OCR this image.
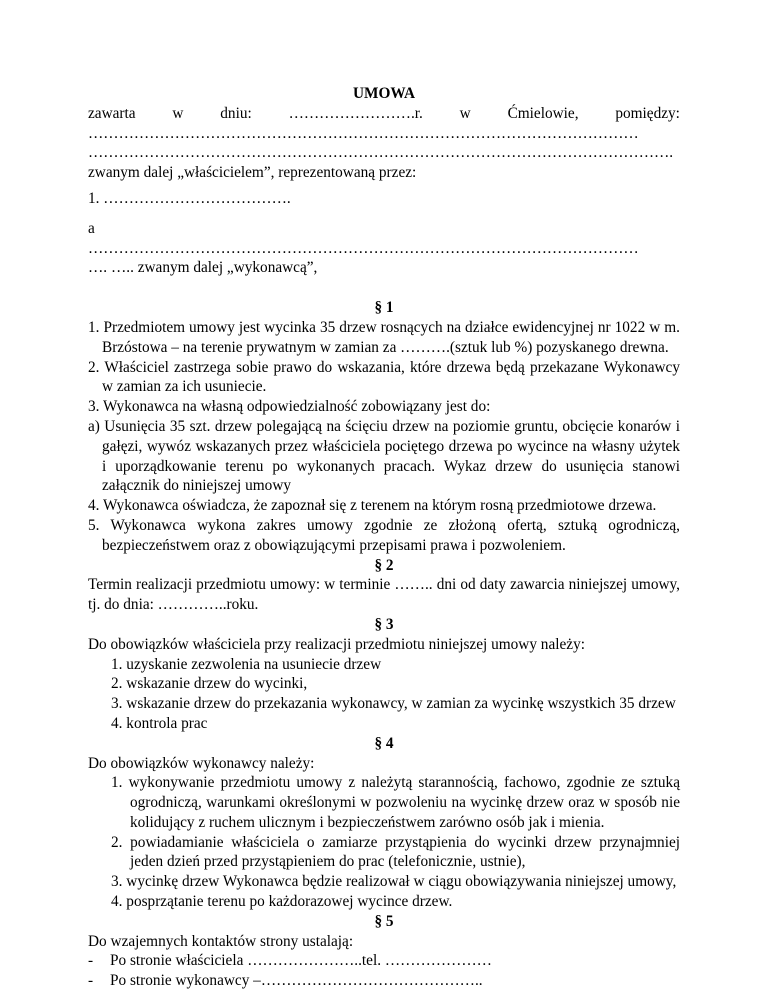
UMOWA
zawarta w dniu: …………………….r. w Ćmielowie, pomiędzy:
………………………………………………………………………………………………
…………………………………………………………………………………………………….
zwanym dalej „właścicielem”, reprezentowaną przez:
1. ……………………………….
a
………………………………………………………………………………………………
…. ….. zwanym dalej „wykonawcą”,
§ 1
1. Przedmiotem umowy jest wycinka 35 drzew rosnących na działce ewidencyjnej nr 1022 w m. Brzóstowa – na terenie prywatnym w zamian za ……….(sztuk lub %) pozyskanego drewna.
2. Właściciel zastrzega sobie prawo do wskazania, które drzewa będą przekazane Wykonawcy w zamian za ich usuniecie.
3. Wykonawca na własną odpowiedzialność zobowiązany jest do:
a) Usunięcia 35 szt. drzew polegającą na ścięciu drzew na poziomie gruntu, obcięcie konarów i gałęzi, wywóz wskazanych przez właściciela pociętego drzewa po wycince na własny użytek i uporządkowanie terenu po wykonanych pracach. Wykaz drzew do usunięcia stanowi załącznik do niniejszej umowy
4. Wykonawca oświadcza, że zapoznał się z terenem na którym rosną przedmiotowe drzewa.
5. Wykonawca wykona zakres umowy zgodnie ze złożoną ofertą, sztuką ogrodniczą, bezpieczeństwem oraz z obowiązującymi przepisami prawa i pozwoleniem.
§ 2
Termin realizacji przedmiotu umowy: w terminie …….. dni od daty zawarcia niniejszej umowy, tj. do dnia: …………..roku.
§ 3
Do obowiązków właściciela przy realizacji przedmiotu niniejszej umowy należy:
1. uzyskanie zezwolenia na usuniecie drzew
2. wskazanie drzew do wycinki,
3. wskazanie drzew do przekazania wykonawcy, w zamian za wycinkę wszystkich 35 drzew
4. kontrola prac
§ 4
Do obowiązków wykonawcy należy:
1. wykonywanie przedmiotu umowy z należytą starannością, fachowo, zgodnie ze sztuką ogrodniczą, warunkami określonymi w pozwoleniu na wycinkę drzew oraz w sposób nie kolidujący z ruchem ulicznym i bezpieczeństwem zarówno osób jak i mienia.
2. powiadamianie właściciela o zamiarze przystąpienia do wycinki drzew przynajmniej jeden dzień przed przystąpieniem do prac (telefonicznie, ustnie),
3. wycinkę drzew Wykonawca będzie realizował w ciągu obowiązywania niniejszej umowy,
4. posprzątanie terenu po każdorazowej wycince drzew.
§ 5
Do wzajemnych kontaktów strony ustalają:
-	Po stronie właściciela …………………..tel. …………………
-	Po stronie wykonawcy –……………………………………..
